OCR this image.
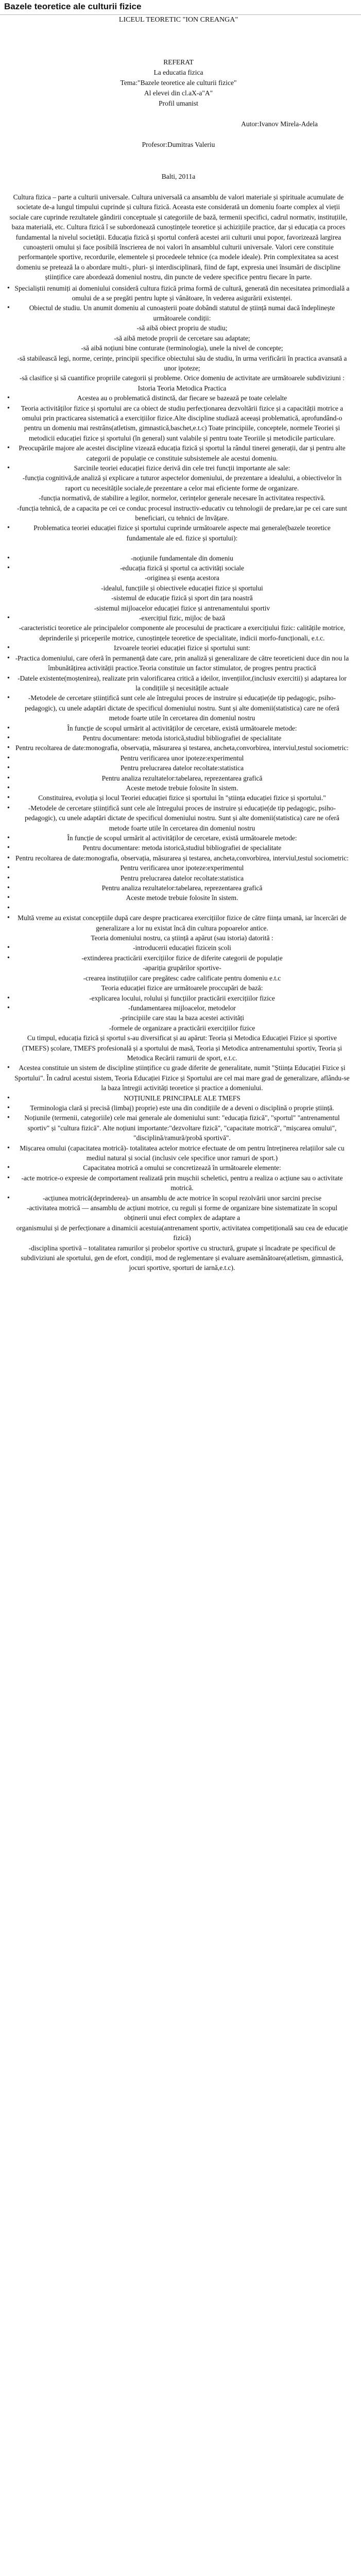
Bazele teoretice ale culturii fizice
LICEUL TEORETIC "ION CREANGA"
REFERAT
La educatia fizica
Tema:"Bazele teoretice ale culturii fizice"
Al elevei din cl.aX-a"A"
Profil umanist
Autor:Ivanov Mirela-Adela
Profesor:Dumitras Valeriu
Balti, 2011a

Cultura fizica – parte a culturii universale. Cultura universală ca ansamblu de valori materiale și spirituale acumulate de societate de-a lungul timpului cuprinde și cultura fizică. Aceasta este considerată un domeniu foarte complex al vieții sociale care cuprinde rezultatele gândirii conceptuale și categoriile de bază, termenii specifici, cadrul normativ, instituțiile, baza materială, etc. Cultura fizică î se subordonează cunoștințele teoretice și achizițiile practice, dar și educația ca proces fundamental la nivelul societății. Educația fizică și sportul conferă acestei arii culturii unui popor, favorizează largirea cunoașterii omului și face posibilă înscrierea de noi valori în ansamblul culturii universale. Valori cere constituie performanțele sportive, recordurile, elementele și procedeele tehnice (ca modele ideale). Prin complexitatea sa acest domeniu se pretează la o abordare multi-, pluri- și interdisciplinară, fiind de fapt, expresia unei însumări de discipline științifice care abordează domeniul nostru, din puncte de vedere specifice pentru fiecare în parte.

• Specialiștii renumiți ai domeniului consideră cultura fizică prima formă de cultură, generată din necesitatea primordială a omului de a se pregăti pentru lupte și vânătoare, în vederea asigurării existenței.
• Obiectul de studiu. Un anumit domeniu al cunoașterii poate dobândi statutul de știință numai dacă îndeplinește următoarele condiții:
-să aibă obiect propriu de studiu;
-să aibă metode proprii de cercetare sau adaptate;
-să aibă noțiuni bine conturate (terminologia), unele la nivel de concepte;
-să stabilească legi, norme, cerințe, principii specifice obiectului său de studiu, în urma verificării în practica avansată a unor ipoteze;
-să clasifice și să cuantifice propriile categorii și probleme. Orice domeniu de activitate are următoarele subdiviziuni :
Istoria Teoria Metodica Practica
• Acestea au o problematică distinctă, dar fiecare se bazează pe toate celelalte
• Teoria activităților fizice și sportului are ca obiect de studiu perfecționarea dezvoltării fizice și a capacității motrice a omului prin practicarea sistematică a exercițiilor fizice.Alte discipline studiază aceeași problematică, aprofundând-o pentru un domeniu mai restrâns(atletism, gimnastică,baschet,e.t.c) Toate principiile, conceptele, normele Teoriei și metodicii educației fizice și sportului (în general) sunt valabile și pentru toate Teoriile și metodicile particulare.
• Preocupările majore ale acestei discipline vizează educația fizică și sportul la rândul tinerei generații, dar și pentru alte categorii de populație ce constituie subsistemele ale acestui domeniu.
• Sarcinile teoriei educației fizice derivă din cele trei funcții importante ale sale:
-funcția cognitivă,de analiză și explicare a tuturor aspectelor domeniului, de prezentare a idealului, a obiectivelor în raport cu necesitățile sociale,de prezentare a celor mai eficiente forme de organizare.
-funcția normativă, de stabilire a legilor, normelor, cerințelor generale necesare în activitatea respectivă.
-funcția tehnică, de a capacita pe cei ce conduc procesul instructiv-educativ cu tehnologii de predare,iar pe cei care sunt beneficiari, cu tehnici de învățare.
• Problematica teoriei educației fizice și sportului cuprinde următoarele aspecte mai generale(bazele teoretice fundamentale ale ed. fizice și sportului):

• -noțiunile fundamentale din domeniu
• -educația fizică și sportul ca activități sociale
-originea și esența acestora
-idealul, funcțiile și obiectivele educației fizice și sportului
-sistemul de educație fizică și sport din țara noastră
-sistemul mijloacelor educației fizice și antrenamentului sportiv
• -exercițiul fizic, mijloc de bază
-caracteristici teoretice ale principalelor componente ale procesului de practicare a exercițiului fizic: calitățile motrice, deprinderile și priceperile motrice, cunoștințele teoretice de specialitate, indicii morfo-funcționali, e.t.c.
• Izvoarele teoriei educației fizice și sportului sunt:
• -Practica domeniului, care oferă în permanență date care, prin analiză și generalizare de către teoreticieni duce din nou la îmbunătățirea activității practice.Teoria constituie un factor stimulator, de progres pentru practică
• -Datele existente(moștenirea), realizate prin valorificarea critică a ideilor, invențiilor,(inclusiv exercitii) și adaptarea lor la condițiile și necesitățile actuale
• -Metodele de cercetare științifică sunt cele ale întregului proces de instruire și educație(de tip pedagogic, psiho-pedagogic), cu unele adaptări dictate de specificul domeniului nostru. Sunt și alte domenii(statistica) care ne oferă metode foarte utile în cercetarea din domeniul nostru
• În funcție de scopul urmărit al activităților de cercetare, există următoarele metode:
• Pentru documentare: metoda istorică,studiul bibliografiei de specialitate
• Pentru recoltarea de date:monografia, observația, măsurarea și testarea, ancheta,convorbirea, interviul,testul sociometric:
• Pentru verificarea unor ipoteze:experimentul
• Pentru prelucrarea datelor recoltate:statistica
• Pentru analiza rezultatelor:tabelarea, reprezentarea grafică
• Aceste metode trebuie folosite în sistem.
• Constituirea, evoluția și locul Teoriei educației fizice și sportului în "știința educației fizice și sportului."
• -Metodele de cercetare științifică sunt cele ale întregului proces de instruire și educație(de tip pedagogic, psiho-pedagogic), cu unele adaptări dictate de specificul domeniului nostru. Sunt și alte domenii(statistica) care ne oferă metode foarte utile în cercetarea din domeniul nostru
• În funcție de scopul urmărit al activităților de cercetare, există următoarele metode:
• Pentru documentare: metoda istorică,studiul bibliografiei de specialitate
• Pentru recoltarea de date:monografia, observația, măsurarea și testarea, ancheta,convorbirea, interviul,testul sociometric:
• Pentru verificarea unor ipoteze:experimentul
• Pentru prelucrarea datelor recoltate:statistica
• Pentru analiza rezultatelor:tabelarea, reprezentarea grafică
• Aceste metode trebuie folosite în sistem.
•
• Multă vreme au existat concepțiile după care despre practicarea exercițiilor fizice de către ființa umană, iar încercări de generalizare a lor nu existat încă din cultura popoarelor antice.
Teoria domeniului nostru, ca știință a apărut (sau istoria) datorită :
• -introducerii educației fizicein școli
• -extinderea practicării exercițiilor fizice de diferite categorii de populație
-apariția grupărilor sportive-
-crearea instituțiilor care pregătesc cadre calificate pentru domeniu e.t.c
Teoria educației fizice are următoarele proccupări de bază:
• -explicarea locului, rolului și funcțiilor practicării exercițiilor fizice
• -fundamentarea mijloacelor, metodelor
-principiile care stau la baza acestei activități
-formele de organizare a practicării exercițiilor fizice
Cu timpul, educația fizică și sportul s-au diversificat și au apărut: Teoria și Metodica Educației Fizice și sportive (TMEFS) școlare, TMEFS profesională și a sportului de masă, Teoria și Metodica antrenamentului sportiv, Teoria și Metodica Recării ramurii de sport, e.t.c.
• Acestea constituie un sistem de discipline științifice cu grade diferite de generalitate, numit "Știința Educației Fizice și Sportului". În cadrul acestui sistem, Teoria Educației Fizice și Sportului are cel mai mare grad de generalizare, aflându-se la baza întregii activități teoretice și practice a domeniului.
• NOȚIUNILE PRINCIPALE ALE TMEFS
• Terminologia clară și precisă (limbaj) proprie) este una din condițiile de a deveni o disciplină o proprie știință.
• Noțiunile (termenii, categoriile) cele mai generale ale domeniului sunt: "educația fizică", "sportul" "antrenamentul sportiv" și "cultura fizică". Alte noțiuni importante:"dezvoltare fizică", "capacitate motrică", "mișcarea omului", "disciplină/ramură/probă sportivă".
• Mișcarea omului (capacitatea motrică)- totalitatea actelor motrice efectuate de om pentru întreținerea relațiilor sale cu mediul natural și social (inclusiv cele specifice unor ramuri de sport.)
• Capacitatea motrică a omului se concretizează în următoarele elemente:
• -acte motrice-o expresie de comportament realizată prin mușchii scheletici, pentru a realiza o acțiune sau o activitate motrică.
• -acțiunea motrică(deprinderea)- un ansamblu de acte motrice în scopul rezolvării unor sarcini precise
-activitatea motrică — ansamblu de acțiuni motrice, cu reguli și forme de organizare bine sistematizate în scopul obținerii unui efect complex de adaptare a
organismului și de perfecționare a dinamicii acestuia(antrenament sportiv, activitatea competițională sau cea de educație fizică)
-disciplina sportivă – totalitatea ramurilor și probelor sportive cu structură, grupate și încadrate pe specificul de subdiviziuni ale sportului, gen de efort, condiții, mod de reglementare și evaluare asemănătoare(atletism, gimnastică, jocuri sportive, sporturi de iarnă,e.t.c).
